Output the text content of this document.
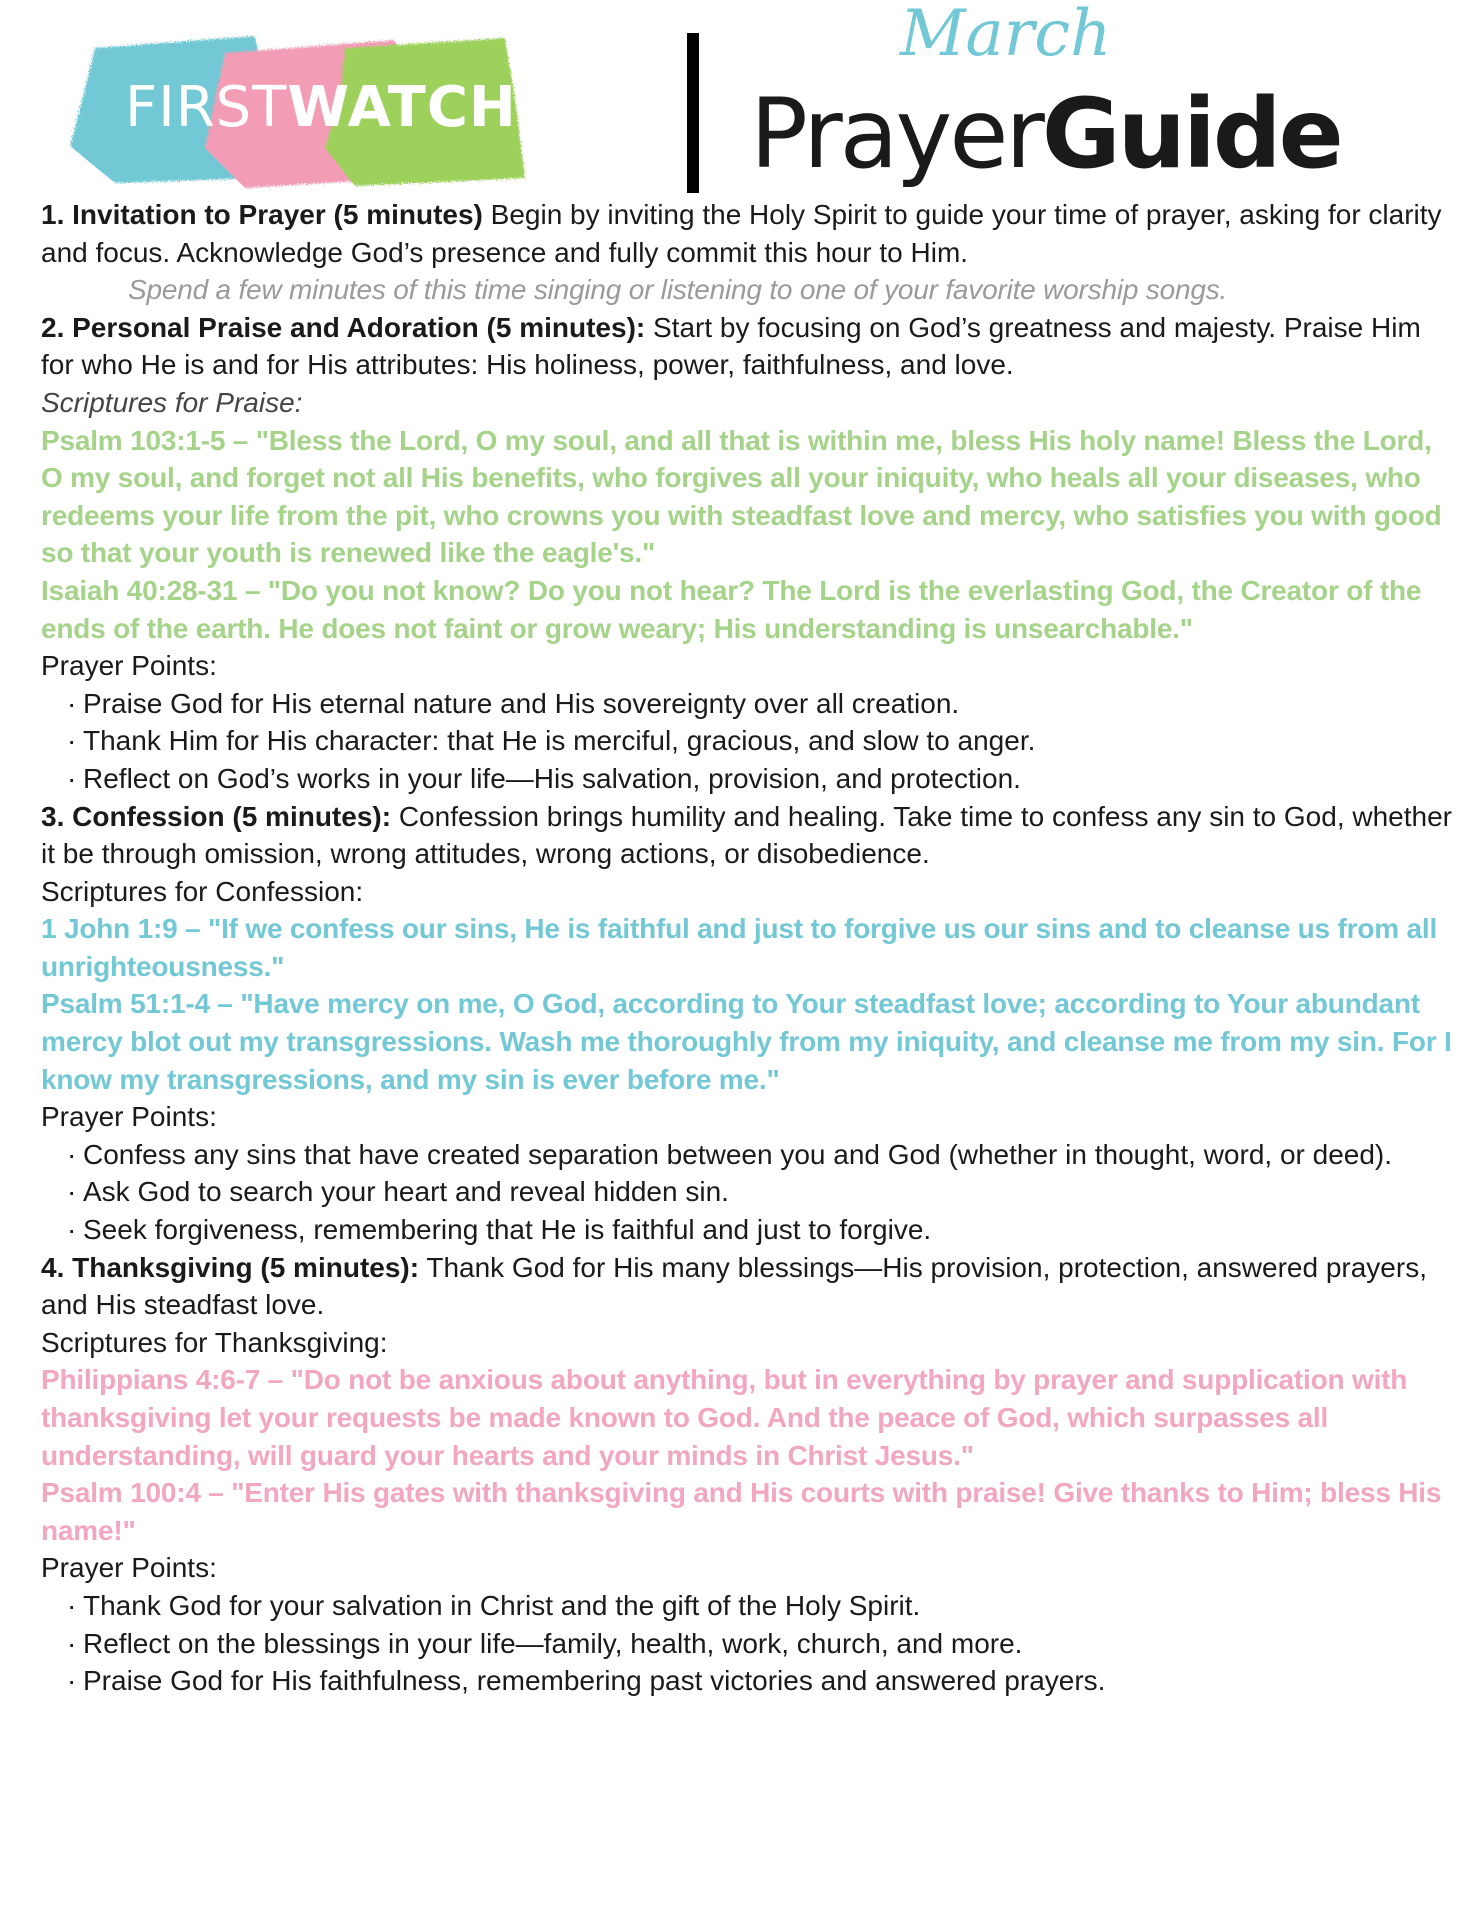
FIRSTWATCH
March
PrayerGuide

1. Invitation to Prayer (5 minutes) Begin by inviting the Holy Spirit to guide your time of prayer, asking for clarity and focus. Acknowledge God’s presence and fully commit this hour to Him.

Spend a few minutes of this time singing or listening to one of your favorite worship songs.

2. Personal Praise and Adoration (5 minutes): Start by focusing on God’s greatness and majesty. Praise Him for who He is and for His attributes: His holiness, power, faithfulness, and love.

Scriptures for Praise:

Psalm 103:1-5 – "Bless the Lord, O my soul, and all that is within me, bless His holy name! Bless the Lord, O my soul, and forget not all His benefits, who forgives all your iniquity, who heals all your diseases, who redeems your life from the pit, who crowns you with steadfast love and mercy, who satisfies you with good so that your youth is renewed like the eagle's."

Isaiah 40:28-31 – "Do you not know? Do you not hear? The Lord is the everlasting God, the Creator of the ends of the earth. He does not faint or grow weary; His understanding is unsearchable."

Prayer Points:

· Praise God for His eternal nature and His sovereignty over all creation.

· Thank Him for His character: that He is merciful, gracious, and slow to anger.

· Reflect on God’s works in your life—His salvation, provision, and protection.

3. Confession (5 minutes): Confession brings humility and healing. Take time to confess any sin to God, whether it be through omission, wrong attitudes, wrong actions, or disobedience.

Scriptures for Confession:

1 John 1:9 – "If we confess our sins, He is faithful and just to forgive us our sins and to cleanse us from all unrighteousness."

Psalm 51:1-4 – "Have mercy on me, O God, according to Your steadfast love; according to Your abundant mercy blot out my transgressions. Wash me thoroughly from my iniquity, and cleanse me from my sin. For I know my transgressions, and my sin is ever before me."

Prayer Points:

· Confess any sins that have created separation between you and God (whether in thought, word, or deed).

· Ask God to search your heart and reveal hidden sin.

· Seek forgiveness, remembering that He is faithful and just to forgive.

4. Thanksgiving (5 minutes): Thank God for His many blessings—His provision, protection, answered prayers, and His steadfast love.

Scriptures for Thanksgiving:

Philippians 4:6-7 – "Do not be anxious about anything, but in everything by prayer and supplication with thanksgiving let your requests be made known to God. And the peace of God, which surpasses all understanding, will guard your hearts and your minds in Christ Jesus."

Psalm 100:4 – "Enter His gates with thanksgiving and His courts with praise! Give thanks to Him; bless His name!"

Prayer Points:

· Thank God for your salvation in Christ and the gift of the Holy Spirit.

· Reflect on the blessings in your life—family, health, work, church, and more.

· Praise God for His faithfulness, remembering past victories and answered prayers.
